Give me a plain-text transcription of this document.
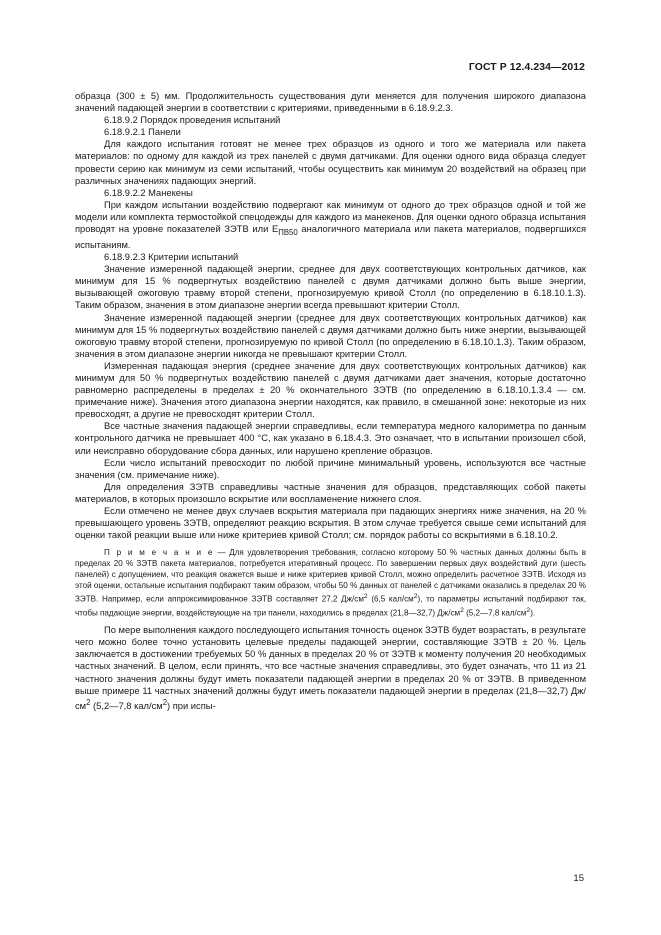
ГОСТ Р 12.4.234—2012

образца (300 ± 5) мм. Продолжительность существования дуги меняется для получения широкого диапазона значений падающей энергии в соответствии с критериями, приведенными в 6.18.9.2.3.

6.18.9.2 Порядок проведения испытаний

6.18.9.2.1 Панели

Для каждого испытания готовят не менее трех образцов из одного и того же материала или пакета материалов: по одному для каждой из трех панелей с двумя датчиками. Для оценки одного вида образца следует провести серию как минимум из семи испытаний, чтобы осуществить как минимум 20 воздействий на образец при различных значениях падающих энергий.

6.18.9.2.2 Манекены

При каждом испытании воздействию подвергают как минимум от одного до трех образцов одной и той же модели или комплекта термостойкой спецодежды для каждого из манекенов. Для оценки одного образца испытания проводят на уровне показателей ЗЭТВ или $E_{ПВ50}$ аналогичного материала или пакета материалов, подвергшихся испытаниям.

6.18.9.2.3 Критерии испытаний

Значение измеренной падающей энергии, среднее для двух соответствующих контрольных датчиков, как минимум для 15 % подвергнутых воздействию панелей с двумя датчиками должно быть выше энергии, вызывающей ожоговую травму второй степени, прогнозируемую кривой Столл (по определению в 6.18.10.1.3). Таким образом, значения в этом диапазоне энергии всегда превышают критерии Столл.

Значение измеренной падающей энергии (среднее для двух соответствующих контрольных датчиков) как минимум для 15 % подвергнутых воздействию панелей с двумя датчиками должно быть ниже энергии, вызывающей ожоговую травму второй степени, прогнозируемую по кривой Столл (по определению в 6.18.10.1.3). Таким образом, значения в этом диапазоне энергии никогда не превышают критерии Столл.

Измеренная падающая энергия (среднее значение для двух соответствующих контрольных датчиков) как минимум для 50 % подвергнутых воздействию панелей с двумя датчиками дает значения, которые достаточно равномерно распределены в пределах ± 20 % окончательного ЗЭТВ (по определению в 6.18.10.1.3.4 — см. примечание ниже). Значения этого диапазона энергии находятся, как правило, в смешанной зоне: некоторые из них превосходят, а другие не превосходят критерии Столл.

Все частные значения падающей энергии справедливы, если температура медного калориметра по данным контрольного датчика не превышает 400 °С, как указано в 6.18.4.3. Это означает, что в испытании произошел сбой, или неисправно оборудование сбора данных, или нарушено крепление образцов.

Если число испытаний превосходит по любой причине минимальный уровень, используются все частные значения (см. примечание ниже).

Для определения ЗЭТВ справедливы частные значения для образцов, представляющих собой пакеты материалов, в которых произошло вскрытие или воспламенение нижнего слоя.

Если отмечено не менее двух случаев вскрытия материала при падающих энергиях ниже значения, на 20 % превышающего уровень ЗЭТВ, определяют реакцию вскрытия. В этом случае требуется свыше семи испытаний для оценки такой реакции выше или ниже критериев кривой Столл; см. порядок работы со вскрытиями в 6.18.10.2.

П р и м е ч а н и е — Для удовлетворения требования, согласно которому 50 % частных данных должны быть в пределах 20 % ЗЭТВ пакета материалов, потребуется итеративный процесс. По завершении первых двух воздействий дуги (шесть панелей) с допущением, что реакция окажется выше и ниже критериев кривой Столл, можно определить расчетное ЗЭТВ. Исходя из этой оценки, остальные испытания подбирают таким образом, чтобы 50 % данных от панелей с датчиками оказались в пределах 20 % ЗЭТВ. Например, если аппроксимированное ЗЭТВ составляет 27,2 $Дж/см^2$ (6,5 кал/$см^2$), то параметры испытаний подбирают так, чтобы падающие энергии, воздействующие на три панели, находились в пределах (21,8—32,7) $Дж/см^2$ (5,2—7,8 кал/$см^2$).

По мере выполнения каждого последующего испытания точность оценок ЗЭТВ будет возрастать, в результате чего можно более точно установить целевые пределы падающей энергии, составляющие ЗЭТВ ± 20 %. Цель заключается в достижении требуемых 50 % данных в пределах 20 % от ЗЭТВ к моменту получения 20 необходимых частных значений. В целом, если принять, что все частные значения справедливы, это будет означать, что 11 из 21 частного значения должны будут иметь показатели падающей энергии в пределах 20 % от ЗЭТВ. В приведенном выше примере 11 частных значений должны будут иметь показатели падающей энергии в пределах (21,8—32,7) $Дж/см^2$ (5,2—7,8 кал/$см^2$) при испы-

15
